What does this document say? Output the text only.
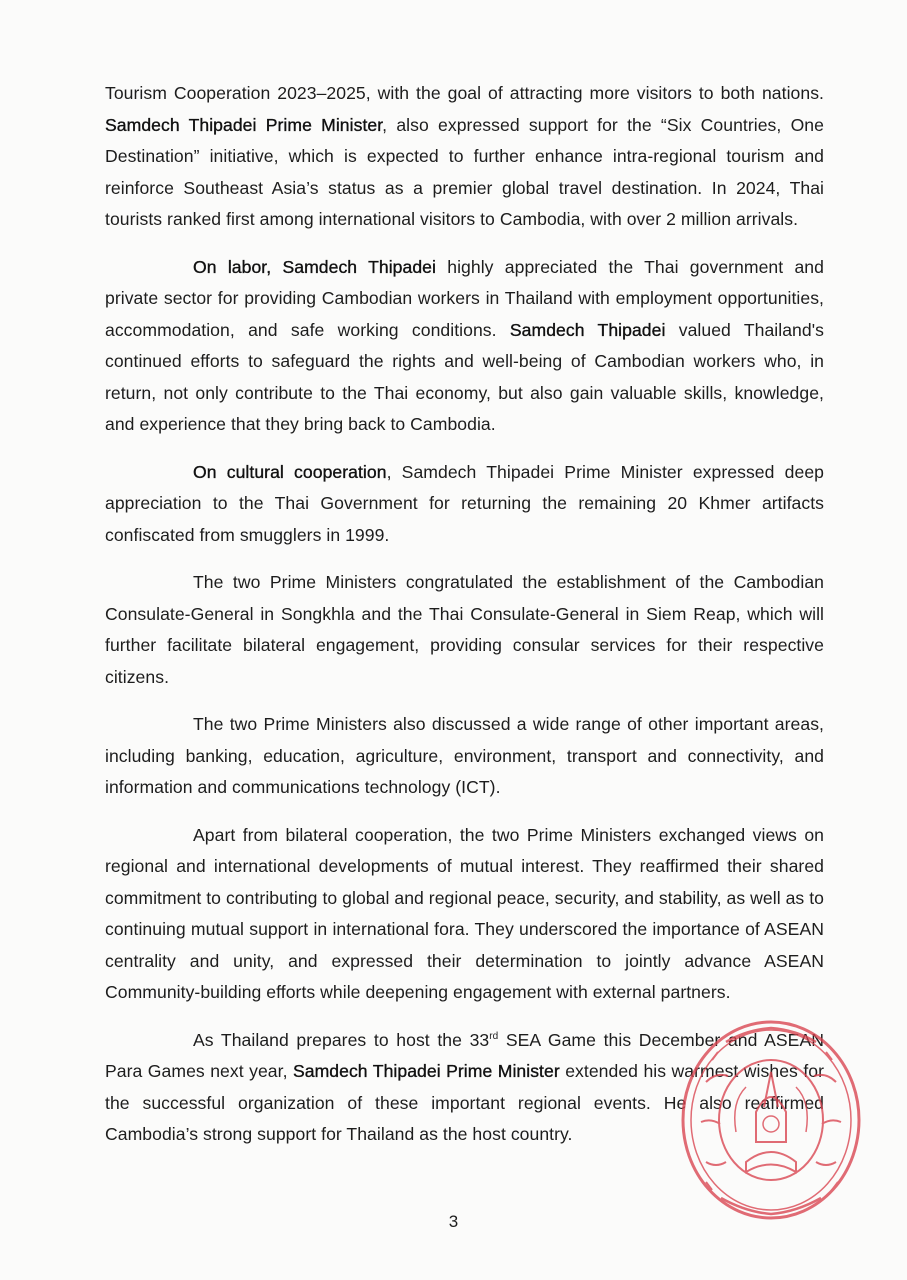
Tourism Cooperation 2023–2025, with the goal of attracting more visitors to both nations. Samdech Thipadei Prime Minister, also expressed support for the “Six Countries, One Destination” initiative, which is expected to further enhance intra-regional tourism and reinforce Southeast Asia’s status as a premier global travel destination. In 2024, Thai tourists ranked first among international visitors to Cambodia, with over 2 million arrivals.

On labor, Samdech Thipadei highly appreciated the Thai government and private sector for providing Cambodian workers in Thailand with employment opportunities, accommodation, and safe working conditions. Samdech Thipadei valued Thailand's continued efforts to safeguard the rights and well-being of Cambodian workers who, in return, not only contribute to the Thai economy, but also gain valuable skills, knowledge, and experience that they bring back to Cambodia.

On cultural cooperation, Samdech Thipadei Prime Minister expressed deep appreciation to the Thai Government for returning the remaining 20 Khmer artifacts confiscated from smugglers in 1999.

The two Prime Ministers congratulated the establishment of the Cambodian Consulate-General in Songkhla and the Thai Consulate-General in Siem Reap, which will further facilitate bilateral engagement, providing consular services for their respective citizens.

The two Prime Ministers also discussed a wide range of other important areas, including banking, education, agriculture, environment, transport and connectivity, and information and communications technology (ICT).

Apart from bilateral cooperation, the two Prime Ministers exchanged views on regional and international developments of mutual interest. They reaffirmed their shared commitment to contributing to global and regional peace, security, and stability, as well as to continuing mutual support in international fora. They underscored the importance of ASEAN centrality and unity, and expressed their determination to jointly advance ASEAN Community-building efforts while deepening engagement with external partners.

As Thailand prepares to host the 33rd SEA Game this December and ASEAN Para Games next year, Samdech Thipadei Prime Minister extended his warmest wishes for the successful organization of these important regional events. He also reaffirmed Cambodia’s strong support for Thailand as the host country.

3
